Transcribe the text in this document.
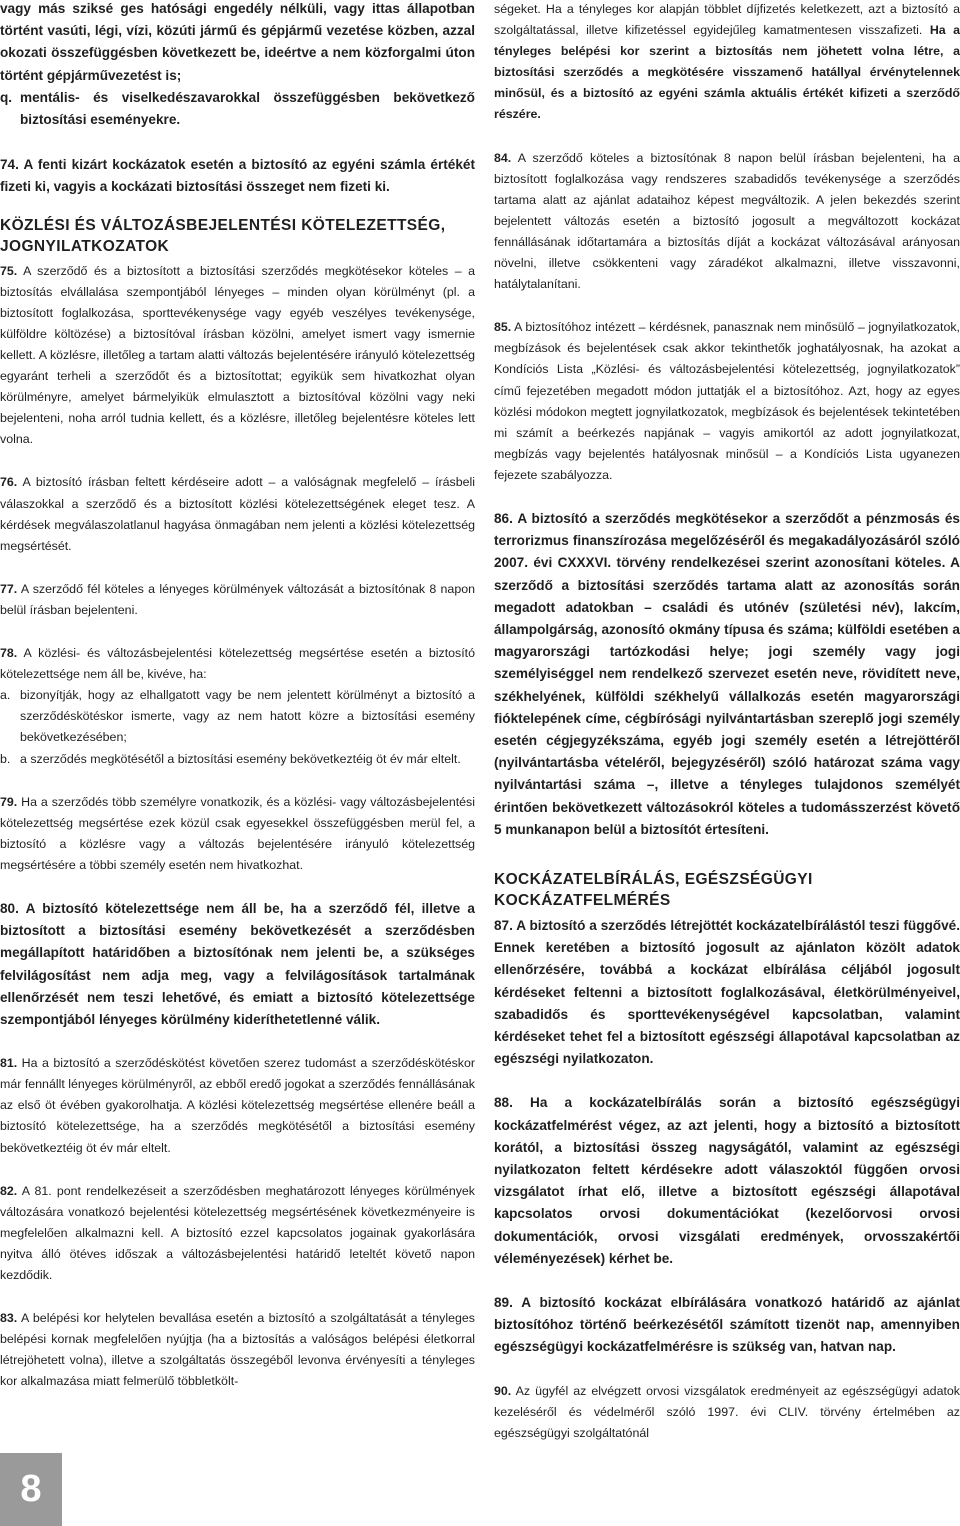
vagy más sziksé ges hatósági engedély nélküli, vagy ittas állapotban történt vasúti, légi, vízi, közúti jármű és gépjármű vezetése közben, azzal okozati összefüggésben következett be, ideértve a nem közforgalmi úton történt gépjárművezetést is;

q. mentális- és viselkedészavarokkal összefüggésben bekövetkező biztosítási eseményekre.

74. A fenti kizárt kockázatok esetén a biztosító az egyéni számla értékét fizeti ki, vagyis a kockázati biztosítási összeget nem fizeti ki.

KÖZLÉSI ÉS VÁLTOZÁSBEJELENTÉSI KÖTELEZETTSÉG, JOGNYILATKOZATOK

75. A szerződő és a biztosított a biztosítási szerződés megkötésekor köteles – a biztosítás elvállalása szempontjából lényeges – minden olyan körülményt (pl. a biztosított foglalkozása, sporttevékenysége vagy egyéb veszélyes tevékenysége, külföldre költözése) a biztosítóval írásban közölni, amelyet ismert vagy ismernie kellett. A közlésre, illetőleg a tartam alatti változás bejelentésére irányuló kötelezettség egyaránt terheli a szerződőt és a biztosítottat; egyikük sem hivatkozhat olyan körülményre, amelyet bármelyikük elmulasztott a biztosítóval közölni vagy neki bejelenteni, noha arról tudnia kellett, és a közlésre, illetőleg bejelentésre köteles lett volna.

76. A biztosító írásban feltett kérdéseire adott – a valóságnak megfelelő – írásbeli válaszokkal a szerződő és a biztosított közlési kötelezettségének eleget tesz. A kérdések megválaszolatlanul hagyása önmagában nem jelenti a közlési kötelezettség megsértését.

77. A szerződő fél köteles a lényeges körülmények változását a biztosítónak 8 napon belül írásban bejelenteni.

78. A közlési- és változásbejelentési kötelezettség megsértése esetén a biztosító kötelezettsége nem áll be, kivéve, ha:

a. bizonyítják, hogy az elhallgatott vagy be nem jelentett körülményt a biztosító a szerződéskötéskor ismerte, vagy az nem hatott közre a biztosítási esemény bekövetkezésében;
b. a szerződés megkötésétől a biztosítási esemény bekövetkeztéig öt év már eltelt.

79. Ha a szerződés több személyre vonatkozik, és a közlési- vagy változásbejelentési kötelezettség megsértése ezek közül csak egyesekkel összefüggésben merül fel, a biztosító a közlésre vagy a változás bejelentésére irányuló kötelezettség megsértésére a többi személy esetén nem hivatkozhat.

80. A biztosító kötelezettsége nem áll be, ha a szerződő fél, illetve a biztosított a biztosítási esemény bekövetkezését a szerződésben megállapított határidőben a biztosítónak nem jelenti be, a szükséges felvilágosítást nem adja meg, vagy a felvilágosítások tartalmának ellenőrzését nem teszi lehetővé, és emiatt a biztosító kötelezettsége szempontjából lényeges körülmény kideríthetetlenné válik.

81. Ha a biztosító a szerződéskötést követően szerez tudomást a szerződéskötéskor már fennállt lényeges körülményről, az ebből eredő jogokat a szerződés fennállásának az első öt évében gyakorolhatja. A közlési kötelezettség megsértése ellenére beáll a biztosító kötelezettsége, ha a szerződés megkötésétől a biztosítási esemény bekövetkeztéig öt év már eltelt.

82. A 81. pont rendelkezéseit a szerződésben meghatározott lényeges körülmények változására vonatkozó bejelentési kötelezettség megsértésének következményeire is megfelelően alkalmazni kell. A biztosító ezzel kapcsolatos jogainak gyakorlására nyitva álló ötéves időszak a változásbejelentési határidő leteltét követő napon kezdődik.

83. A belépési kor helytelen bevallása esetén a biztosító a szolgáltatását a tényleges belépési kornak megfelelően nyújtja (ha a biztosítás a valóságos belépési életkorral létrejöhetett volna), illetve a szolgáltatás összegéből levonva érvényesíti a tényleges kor alkalmazása miatt felmerülő többletkölt-

ségeket. Ha a tényleges kor alapján többlet díjfizetés keletkezett, azt a biztosító a szolgáltatással, illetve kifizetéssel egyidejűleg kamatmentesen visszafizeti. Ha a tényleges belépési kor szerint a biztosítás nem jöhetett volna létre, a biztosítási szerződés a megkötésére visszamenő hatállyal érvénytelennek minősül, és a biztosító az egyéni számla aktuális értékét kifizeti a szerződő részére.

84. A szerződő köteles a biztosítónak 8 napon belül írásban bejelenteni, ha a biztosított foglalkozása vagy rendszeres szabadidős tevékenysége a szerződés tartama alatt az ajánlat adataihoz képest megváltozik. A jelen bekezdés szerint bejelentett változás esetén a biztosító jogosult a megváltozott kockázat fennállásának időtartamára a biztosítás díját a kockázat változásával arányosan növelni, illetve csökkenteni vagy záradékot alkalmazni, illetve visszavonni, hatálytalanítani.

85. A biztosítóhoz intézett – kérdésnek, panasznak nem minősülő – jognyilatkozatok, megbízások és bejelentések csak akkor tekinthetők joghatályosnak, ha azokat a Kondíciós Lista „Közlési- és változásbejelentési kötelezettség, jognyilatkozatok” című fejezetében megadott módon juttatják el a biztosítóhoz. Azt, hogy az egyes közlési módokon megtett jognyilatkozatok, megbízások és bejelentések tekintetében mi számít a beérkezés napjának – vagyis amikortól az adott jognyilatkozat, megbízás vagy bejelentés hatályosnak minősül – a Kondíciós Lista ugyanezen fejezete szabályozza.

86. A biztosító a szerződés megkötésekor a szerződőt a pénzmosás és terrorizmus finanszírozása megelőzéséről és megakadályozásáról szóló 2007. évi CXXXVI. törvény rendelkezései szerint azonosítani köteles. A szerződő a biztosítási szerződés tartama alatt az azonosítás során megadott adatokban – családi és utónév (születési név), lakcím, állampolgárság, azonosító okmány típusa és száma; külföldi esetében a magyarországi tartózkodási helye; jogi személy vagy jogi személyiséggel nem rendelkező szervezet esetén neve, rövidített neve, székhelyének, külföldi székhelyű vállalkozás esetén magyarországi fióktelepének címe, cégbírósági nyilvántartásban szereplő jogi személy esetén cégjegyzékszáma, egyéb jogi személy esetén a létrejöttéről (nyilvántartásba vételéről, bejegyzéséről) szóló határozat száma vagy nyilvántartási száma –, illetve a tényleges tulajdonos személyét érintően bekövetkezett változásokról köteles a tudomásszerzést követő 5 munkanapon belül a biztosítót értesíteni.

KOCKÁZATELBÍRÁLÁS, EGÉSZSÉGÜGYI KOCKÁZATFELMÉRÉS

87. A biztosító a szerződés létrejöttét kockázatelbírálástól teszi függővé. Ennek keretében a biztosító jogosult az ajánlaton közölt adatok ellenőrzésére, továbbá a kockázat elbírálása céljából jogosult kérdéseket feltenni a biztosított foglalkozásával, életkörülményeivel, szabadidős és sporttevékenységével kapcsolatban, valamint kérdéseket tehet fel a biztosított egészségi állapotával kapcsolatban az egészségi nyilatkozaton.

88. Ha a kockázatelbírálás során a biztosító egészségügyi kockázatfelmérést végez, az azt jelenti, hogy a biztosító a biztosított korától, a biztosítási összeg nagyságától, valamint az egészségi nyilatkozaton feltett kérdésekre adott válaszoktól függően orvosi vizsgálatot írhat elő, illetve a biztosított egészségi állapotával kapcsolatos orvosi dokumentációkat (kezelőorvosi orvosi dokumentációk, orvosi vizsgálati eredmények, orvosszakértői véleményezések) kérhet be.

89. A biztosító kockázat elbírálására vonatkozó határidő az ajánlat biztosítóhoz történő beérkezésétől számított tizenöt nap, amennyiben egészségügyi kockázatfelmérésre is szükség van, hatvan nap.

90. Az ügyfél az elvégzett orvosi vizsgálatok eredményeit az egészségügyi adatok kezeléséről és védelméről szóló 1997. évi CLIV. törvény értelmében az egészségügyi szolgáltatónál

8
